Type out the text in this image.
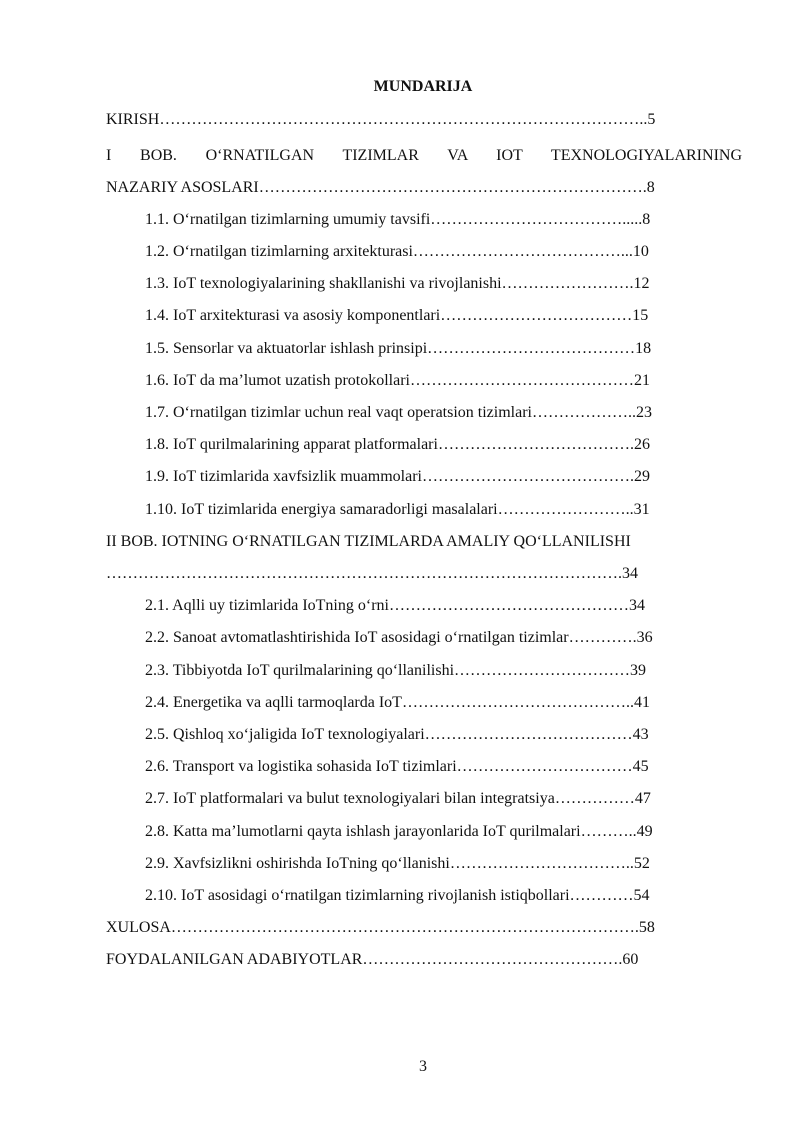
MUNDARIJA
KIRISH………………………………………………………………………………..5
I BOB. O‘RNATILGAN TIZIMLAR VA IOT TEXNOLOGIYALARINING
NAZARIY ASOSLARI……………………………………………………………….8
1.1. O‘rnatilgan tizimlarning umumiy tavsifi……………………………….....8
1.2. O‘rnatilgan tizimlarning arxitekturasi…………………………………...10
1.3. IoT texnologiyalarining shakllanishi va rivojlanishi…………………….12
1.4. IoT arxitekturasi va asosiy komponentlari………………………………15
1.5. Sensorlar va aktuatorlar ishlash prinsipi…………………………………18
1.6. IoT da ma’lumot uzatish protokollari……………………………………21
1.7. O‘rnatilgan tizimlar uchun real vaqt operatsion tizimlari………………..23
1.8. IoT qurilmalarining apparat platformalari……………………………….26
1.9. IoT tizimlarida xavfsizlik muammolari………………………………….29
1.10. IoT tizimlarida energiya samaradorligi masalalari……………………..31
II BOB. IOTNING O‘RNATILGAN TIZIMLARDA AMALIY QO‘LLANILISHI
…………………………………………………………………………………….34
2.1. Aqlli uy tizimlarida IoTning o‘rni………………………………………34
2.2. Sanoat avtomatlashtirishida IoT asosidagi o‘rnatilgan tizimlar………….36
2.3. Tibbiyotda IoT qurilmalarining qo‘llanilishi……………………………39
2.4. Energetika va aqlli tarmoqlarda IoT……………………………………..41
2.5. Qishloq xo‘jaligida IoT texnologiyalari…………………………………43
2.6. Transport va logistika sohasida IoT tizimlari……………………………45
2.7. IoT platformalari va bulut texnologiyalari bilan integratsiya……………47
2.8. Katta ma’lumotlarni qayta ishlash jarayonlarida IoT qurilmalari………..49
2.9. Xavfsizlikni oshirishda IoTning qo‘llanishi……………………………..52
2.10. IoT asosidagi o‘rnatilgan tizimlarning rivojlanish istiqbollari…………54
XULOSA…………………………………………………………………………….58
FOYDALANILGAN ADABIYOTLAR………………………………………….60
3
